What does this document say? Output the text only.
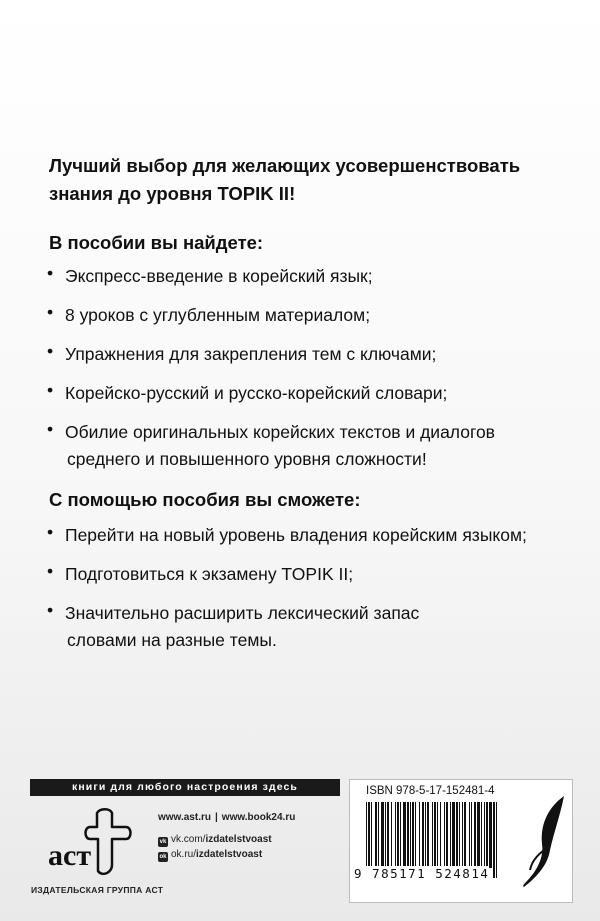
Лучший выбор для желающих усовершенствовать
знания до уровня TOPIK II!
В пособии вы найдете:
• Экспресс-введение в корейский язык;
• 8 уроков с углубленным материалом;
• Упражнения для закрепления тем с ключами;
• Корейско-русский и русско-корейский словари;
• Обилие оригинальных корейских текстов и диалогов
среднего и повышенного уровня сложности!
С помощью пособия вы сможете:
• Перейти на новый уровень владения корейским языком;
• Подготовиться к экзамену TOPIK II;
• Значительно расширить лексический запас
словами на разные темы.
книги для любого настроения здесь
аст
ИЗДАТЕЛЬСКАЯ ГРУППА АСТ
www.ast.ru | www.book24.ru
vk vk.com/izdatelstvoast
ok ok.ru/izdatelstvoast
ISBN 978-5-17-152481-4
9 785171 524814
